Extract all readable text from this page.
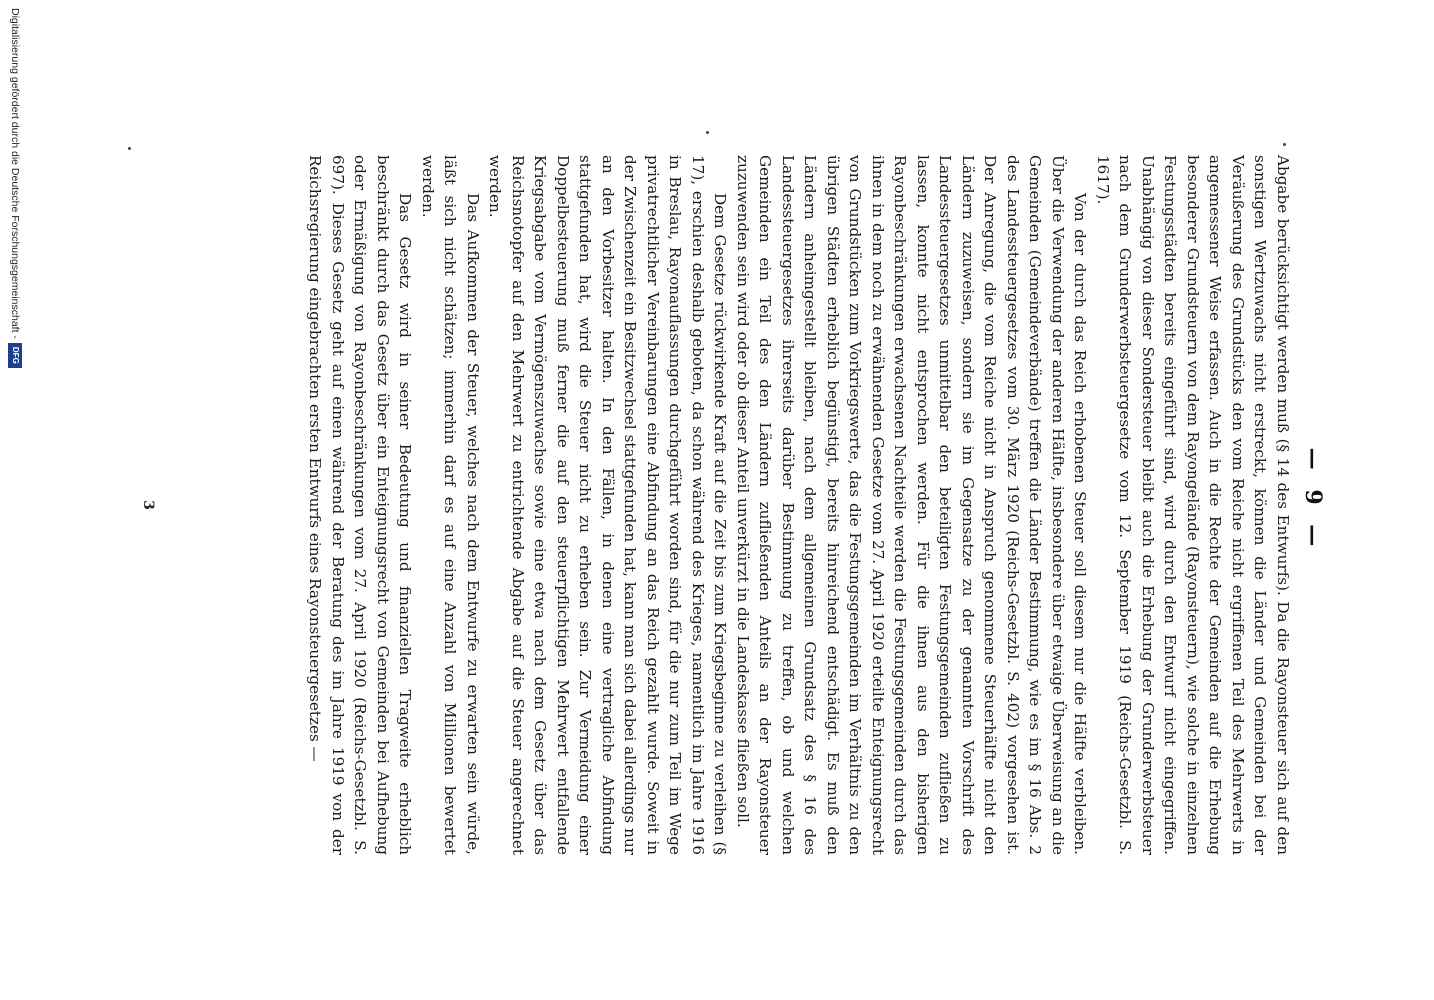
— 9 —

Abgabe berücksichtigt werden muß (§ 14 des Entwurfs). Da die Rayonsteuer sich auf den sonstigen Wertzuwachs nicht erstreckt, können die Länder und Gemeinden bei der Veräußerung des Grundstücks den vom Reiche nicht ergriffenen Teil des Mehrwerts in angemessener Weise erfassen. Auch in die Rechte der Gemeinden auf die Erhebung besonderer Grundsteuern von dem Rayongelände (Rayonsteuern), wie solche in einzelnen Festungsstädten bereits eingeführt sind, wird durch den Entwurf nicht eingegriffen. Unabhängig von dieser Sondersteuer bleibt auch die Erhebung der Grunderwerbsteuer nach dem Grunderwerbsteuergesetze vom 12. September 1919 (Reichs-Gesetzbl. S. 1617).

Von der durch das Reich erhobenen Steuer soll diesem nur die Hälfte verbleiben. Über die Verwendung der anderen Hälfte, insbesondere über etwaige Überweisung an die Gemeinden (Gemeindeverbände) treffen die Länder Bestimmung, wie es im § 16 Abs. 2 des Landessteuergesetzes vom 30. März 1920 (Reichs-Gesetzbl. S. 402) vorgesehen ist. Der Anregung, die vom Reiche nicht in Anspruch genommene Steuerhälfte nicht den Ländern zuzuweisen, sondern sie im Gegensatze zu der genannten Vorschrift des Landessteuergesetzes unmittelbar den beteiligten Festungsgemeinden zufließen zu lassen, konnte nicht entsprochen werden. Für die ihnen aus den bisherigen Rayonbeschränkungen erwachsenen Nachteile werden die Festungsgemeinden durch das ihnen in dem noch zu erwähnenden Gesetze vom 27. April 1920 erteilte Enteignungsrecht von Grundstücken zum Vorkriegswerte, das die Festungsgemeinden im Verhältnis zu den übrigen Städten erheblich begünstigt, bereits hinreichend entschädigt. Es muß den Ländern anheimgestellt bleiben, nach dem allgemeinen Grundsatz des § 16 des Landessteuergesetzes ihrerseits darüber Bestimmung zu treffen, ob und welchen Gemeinden ein Teil des den Ländern zufließenden Anteils an der Rayonsteuer zuzuwenden sein wird oder ob dieser Anteil unverkürzt in die Landeskasse fließen soll.

Dem Gesetze rückwirkende Kraft auf die Zeit bis zum Kriegsbeginne zu verleihen (§ 17), erschien deshalb geboten, da schon während des Krieges, namentlich im Jahre 1916 in Breslau, Rayonauflassungen durchgeführt worden sind, für die nur zum Teil im Wege privatrechtlicher Vereinbarungen eine Abfindung an das Reich gezahlt wurde. Soweit in der Zwischenzeit ein Besitzwechsel stattgefunden hat, kann man sich dabei allerdings nur an den Vorbesitzer halten. In den Fällen, in denen eine vertragliche Abfindung stattgefunden hat, wird die Steuer nicht zu erheben sein. Zur Vermeidung einer Doppelbesteuerung muß ferner die auf den steuerpflichtigen Mehrwert entfallende Kriegsabgabe vom Vermögenszuwachse sowie eine etwa nach dem Gesetz über das Reichsnotopfer auf den Mehrwert zu entrichtende Abgabe auf die Steuer angerechnet werden.

Das Aufkommen der Steuer, welches nach dem Entwurfe zu erwarten sein würde, läßt sich nicht schätzen; immerhin darf es auf eine Anzahl von Millionen bewertet werden.

Das Gesetz wird in seiner Bedeutung und finanziellen Tragweite erheblich beschränkt durch das Gesetz über ein Enteignungsrecht von Gemeinden bei Aufhebung oder Ermäßigung von Rayonbeschränkungen vom 27. April 1920 (Reichs-Gesetzbl. S. 697). Dieses Gesetz geht auf einen während der Beratung des im Jahre 1919 von der Reichsregierung eingebrachten ersten Entwurfs eines Rayonsteuergesetzes —

3
Digitalisierung gefördert durch die Deutsche Forschungsgemeinschaft -
DFG
